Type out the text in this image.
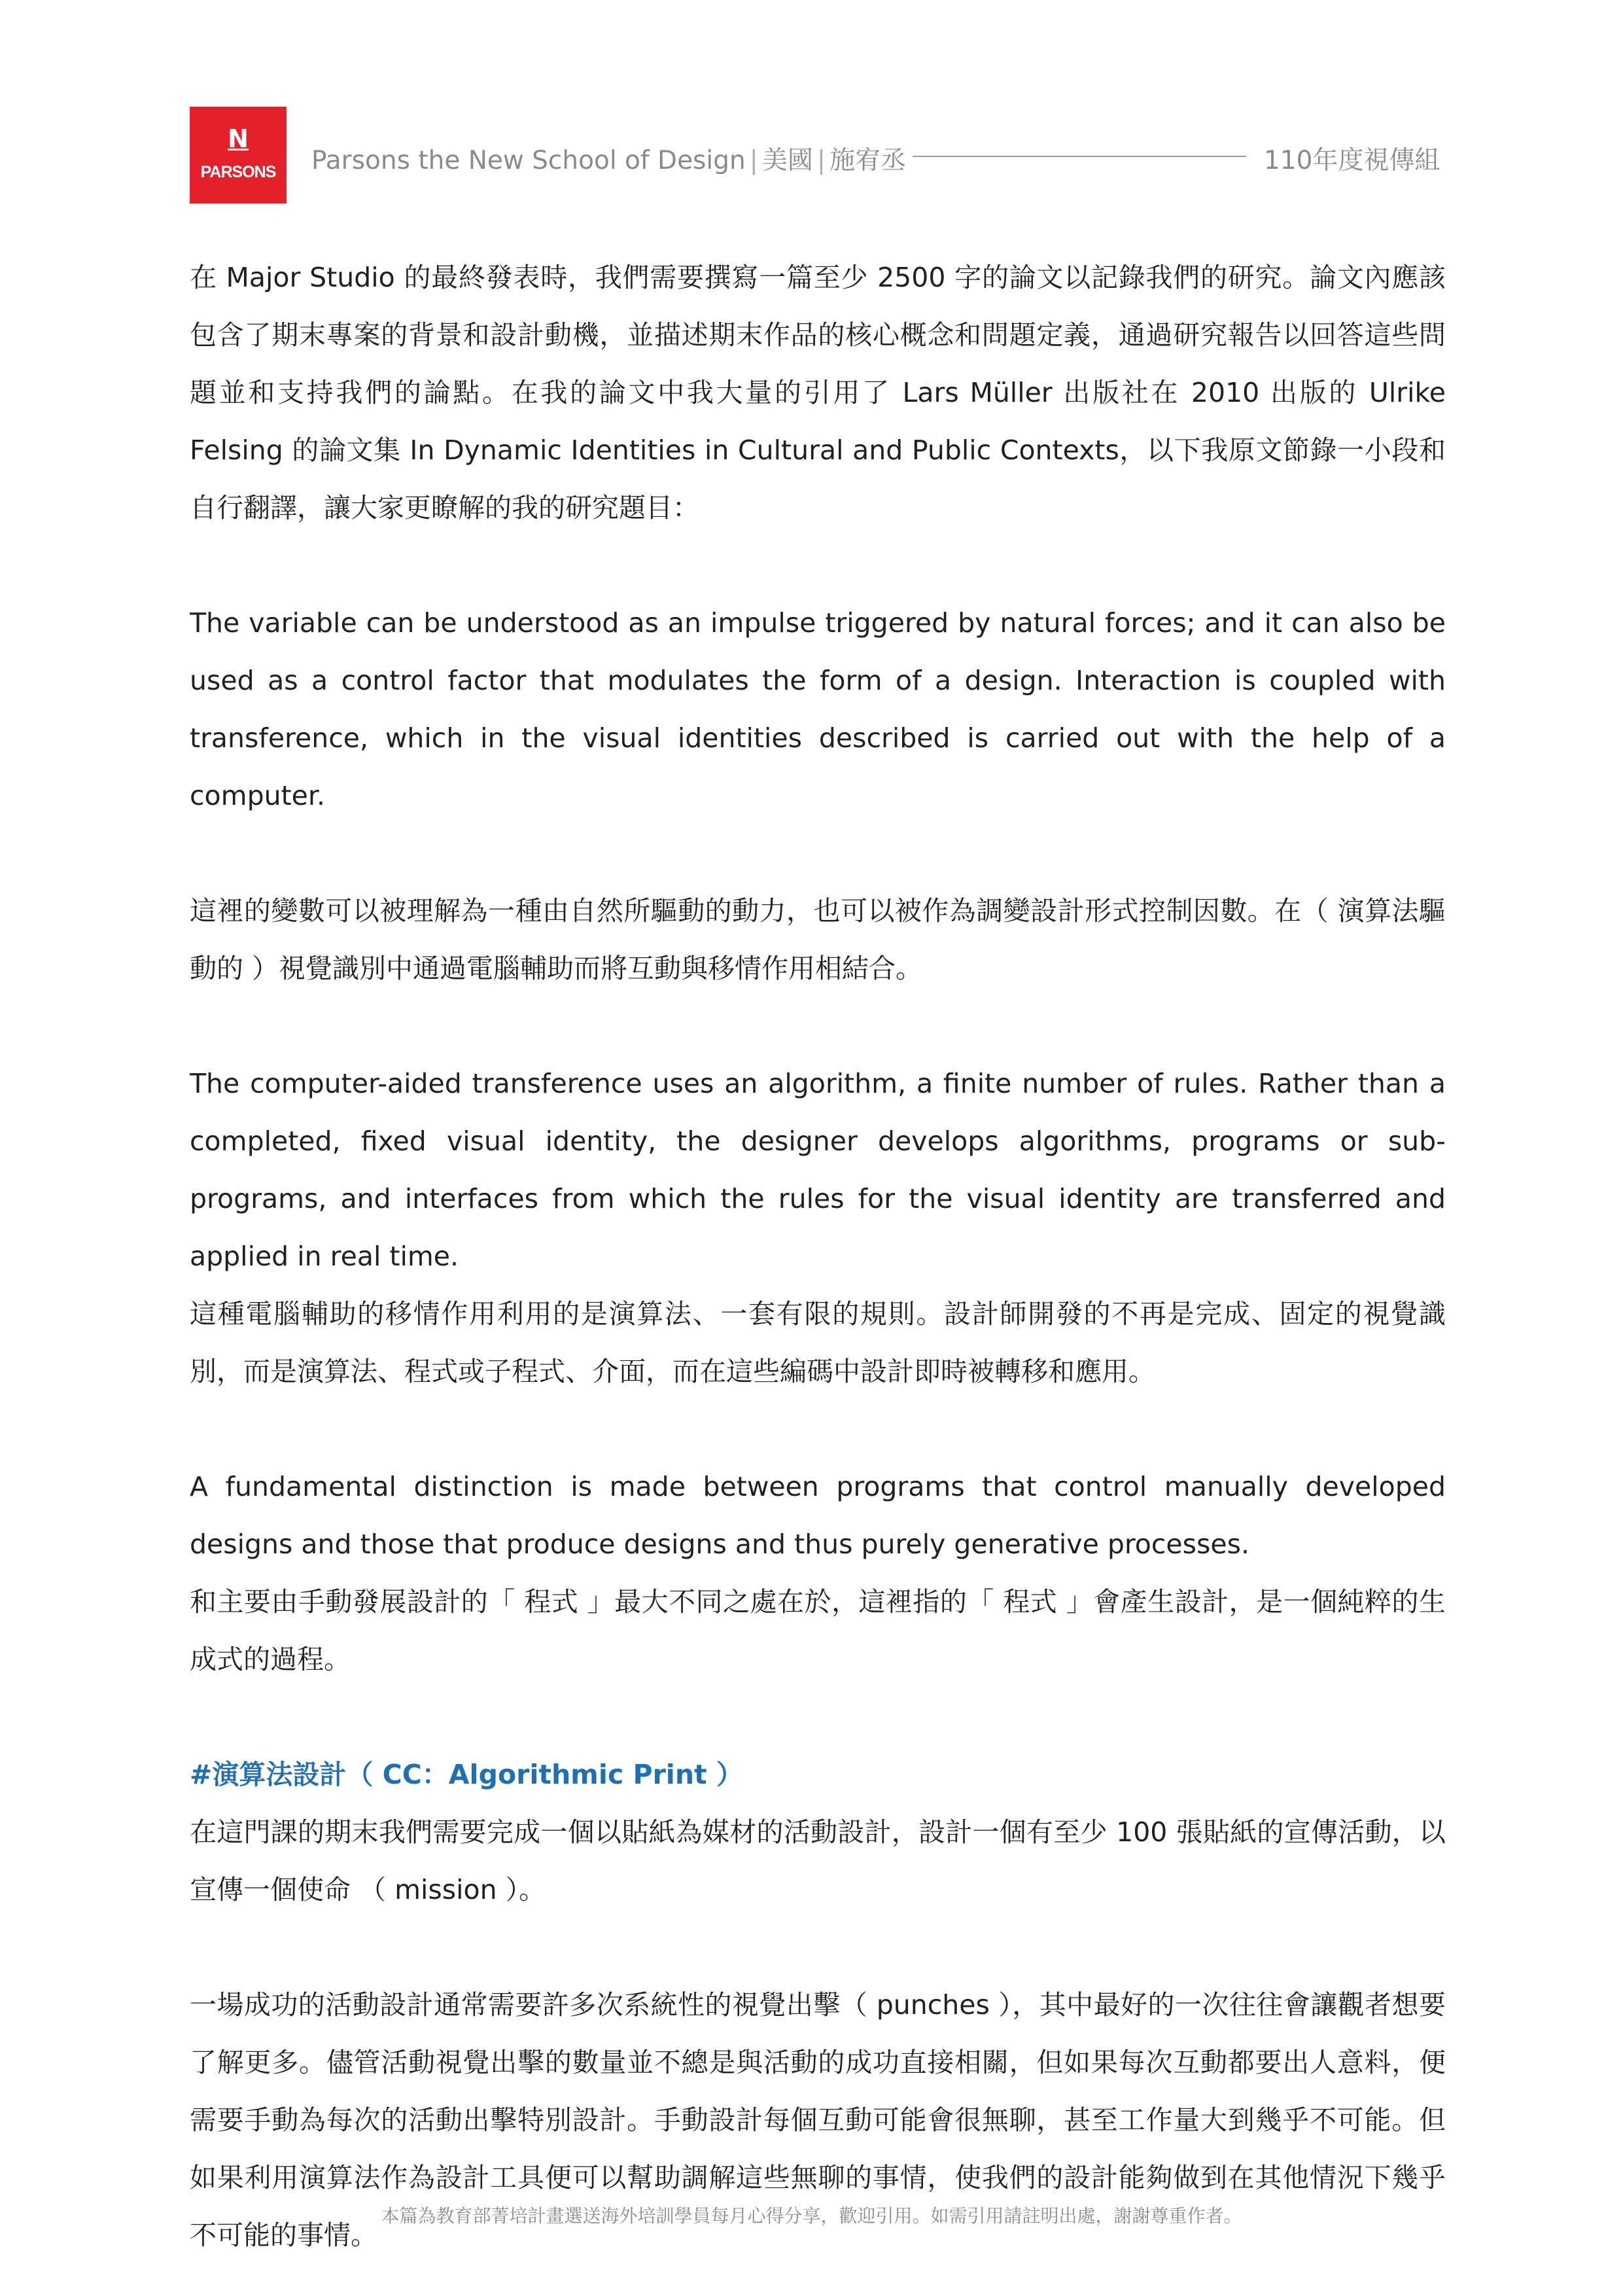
N
PARSONS	Parsons the New School of Design | 美國 | 施宥丞	110年度視傳組

在 Major Studio 的最終發表時，我們需要撰寫一篇至少 2500 字的論文以記錄我們的研究。論文內應該包含了期末專案的背景和設計動機，並描述期末作品的核心概念和問題定義，通過研究報告以回答這些問題並和支持我們的論點。在我的論文中我大量的引用了 Lars Müller 出版社在 2010 出版的 Ulrike Felsing 的論文集 In Dynamic Identities in Cultural and Public Contexts，以下我原文節錄一小段和自行翻譯，讓大家更瞭解的我的研究題目：

The variable can be understood as an impulse triggered by natural forces; and it can also be used as a control factor that modulates the form of a design. Interaction is coupled with transference, which in the visual identities described is carried out with the help of a computer.

這裡的變數可以被理解為一種由自然所驅動的動力，也可以被作為調變設計形式控制因數。在（ 演算法驅動的 ）視覺識別中通過電腦輔助而將互動與移情作用相結合。

The computer-aided transference uses an algorithm, a finite number of rules. Rather than a completed, fixed visual identity, the designer develops algorithms, programs or sub-programs, and interfaces from which the rules for the visual identity are transferred and applied in real time.

這種電腦輔助的移情作用利用的是演算法、一套有限的規則。設計師開發的不再是完成、固定的視覺識別，而是演算法、程式或子程式、介面，而在這些編碼中設計即時被轉移和應用。

A fundamental distinction is made between programs that control manually developed designs and those that produce designs and thus purely generative processes.

和主要由手動發展設計的「 程式 」最大不同之處在於，這裡指的「 程式 」會產生設計，是一個純粹的生成式的過程。

#演算法設計（ CC：Algorithmic Print ）

在這門課的期末我們需要完成一個以貼紙為媒材的活動設計，設計一個有至少 100 張貼紙的宣傳活動，以宣傳一個使命 （ mission ）。

一場成功的活動設計通常需要許多次系統性的視覺出擊（ punches ），其中最好的一次往往會讓觀者想要了解更多。儘管活動視覺出擊的數量並不總是與活動的成功直接相關，但如果每次互動都要出人意料，便需要手動為每次的活動出擊特別設計。手動設計每個互動可能會很無聊，甚至工作量大到幾乎不可能。但如果利用演算法作為設計工具便可以幫助調解這些無聊的事情，使我們的設計能夠做到在其他情況下幾乎不可能的事情。

本篇為教育部菁培計畫選送海外培訓學員每月心得分享，歡迎引用。如需引用請註明出處，謝謝尊重作者。
